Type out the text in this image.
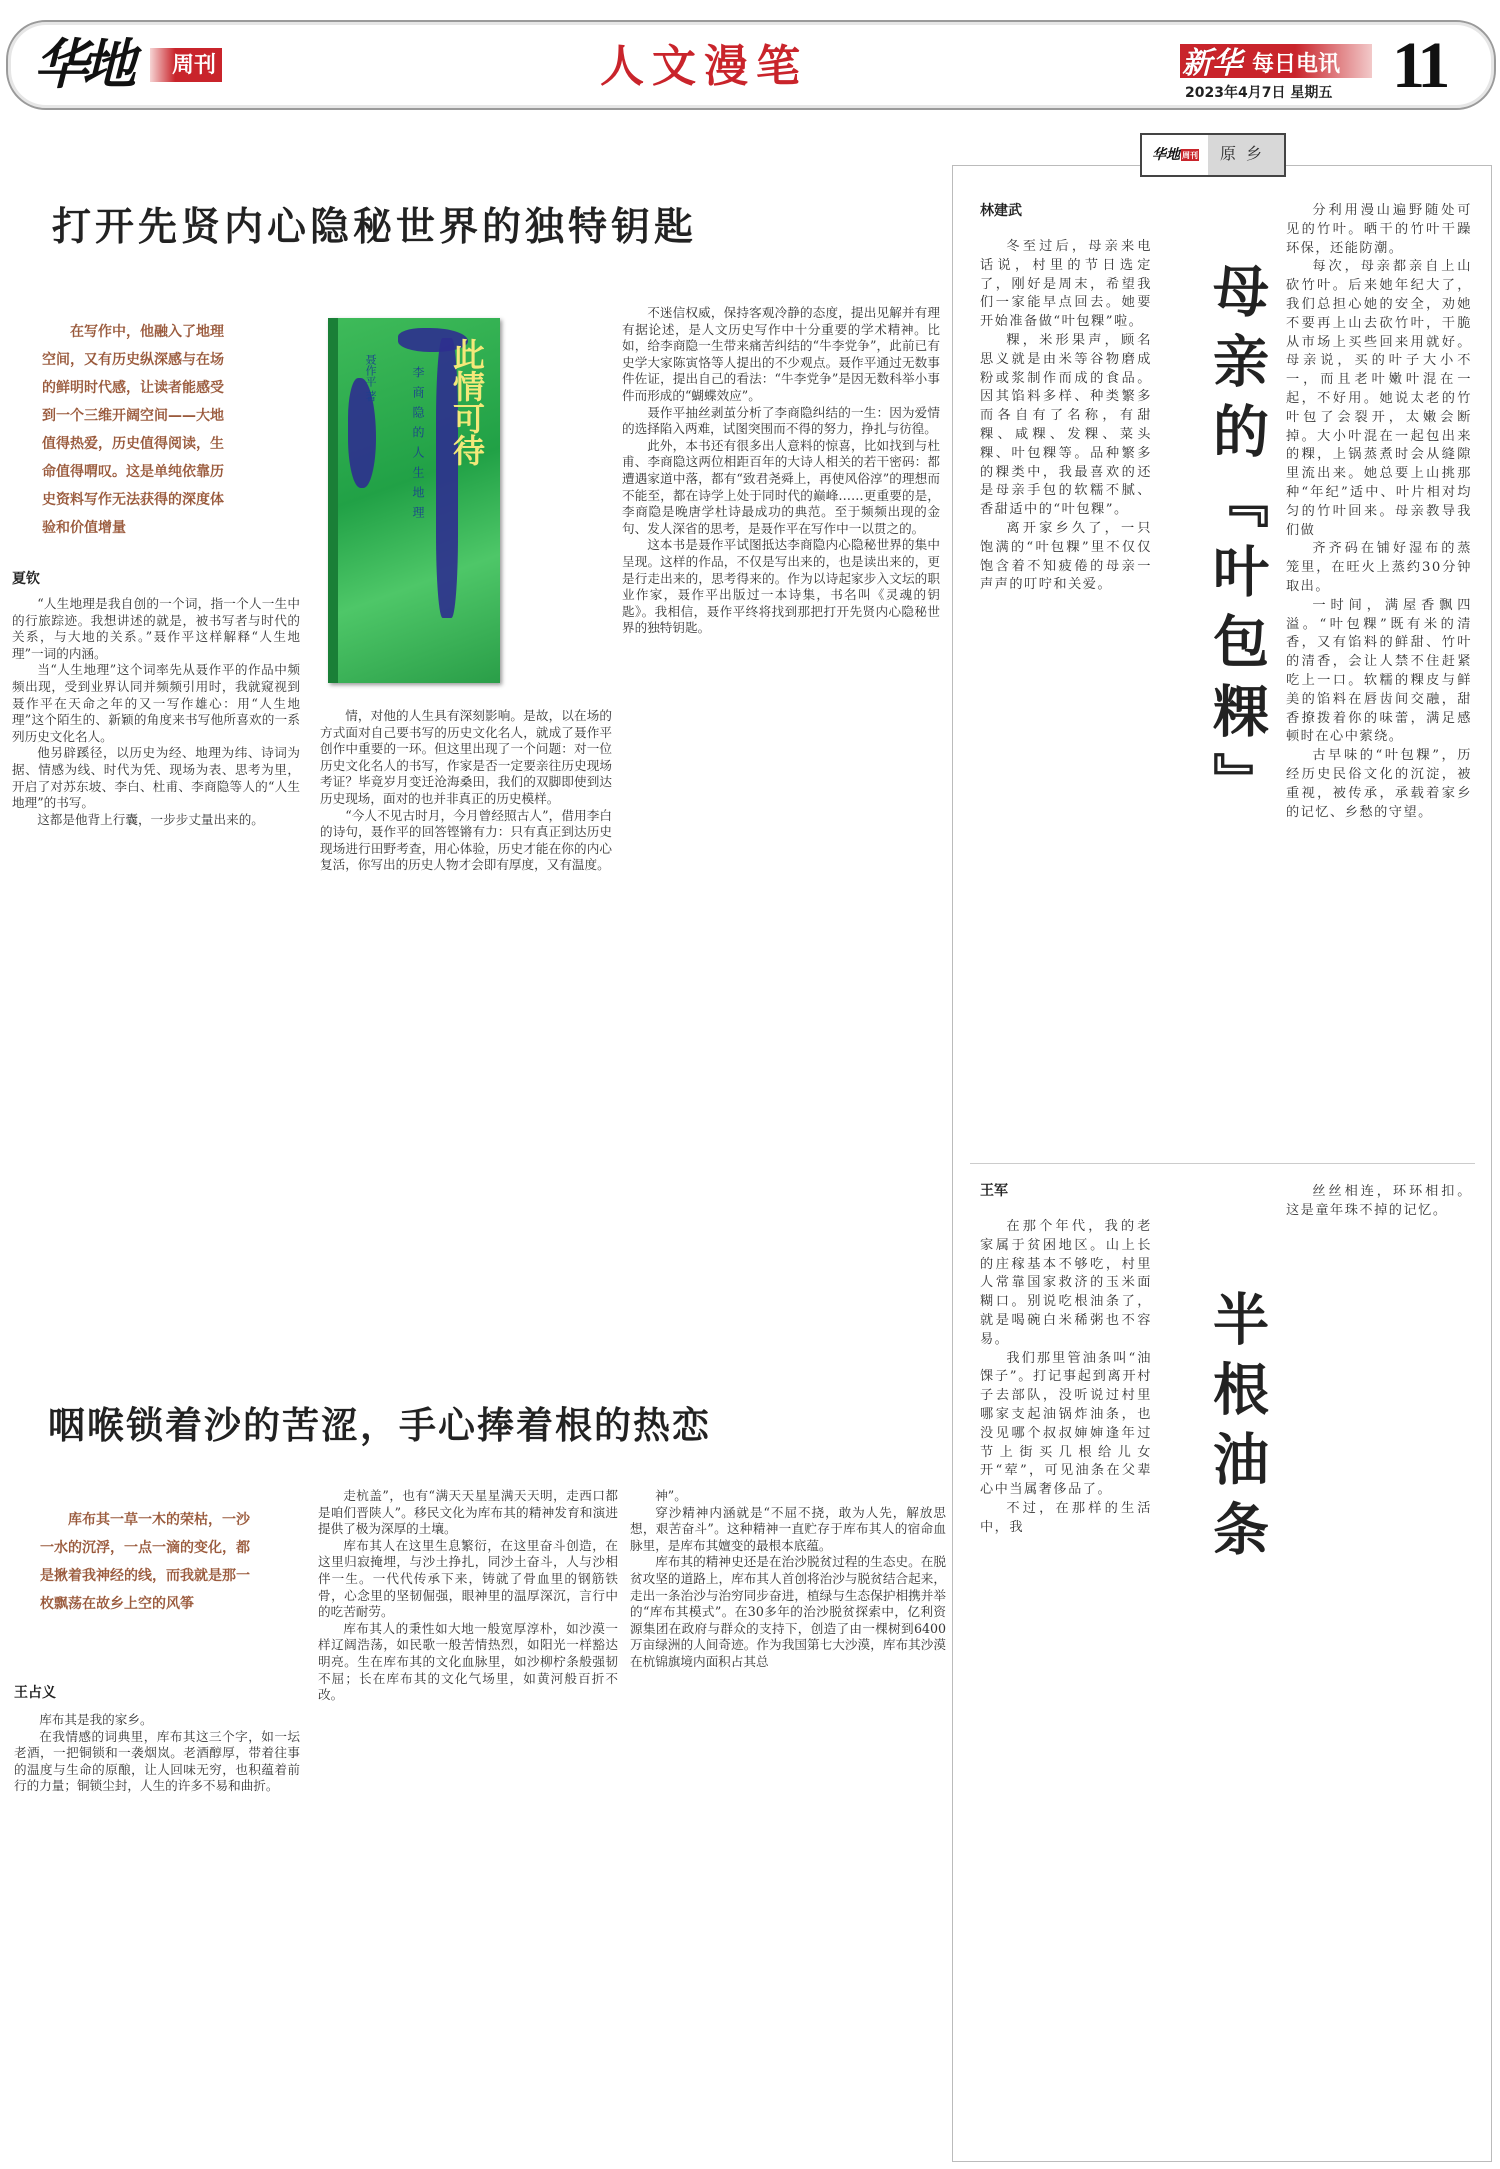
华地	周刊	人文漫笔	新华 每日电讯
2023年4月7日 星期五 11
打开先贤内心隐秘世界的独特钥匙

在写作中，他融入了地理空间，又有历史纵深感与在场的鲜明时代感，让读者能感受到一个三维开阔空间——大地值得热爱，历史值得阅读，生命值得喟叹。这是单纯依靠历史资料写作无法获得的深度体验和价值增量

此情可待
李商隐的人生地理
聂作平 著
夏钦

“人生地理是我自创的一个词，指一个人一生中的行旅踪迹。我想讲述的就是，被书写者与时代的关系，与大地的关系。”聂作平这样解释“人生地理”一词的内涵。

当“人生地理”这个词率先从聂作平的作品中频频出现，受到业界认同并频频引用时，我就窥视到聂作平在天命之年的又一写作雄心：用“人生地理”这个陌生的、新颖的角度来书写他所喜欢的一系列历史文化名人。

他另辟蹊径，以历史为经、地理为纬、诗词为据、情感为线、时代为凭、现场为表、思考为里，开启了对苏东坡、李白、杜甫、李商隐等人的“人生地理”的书写。

这都是他背上行囊，一步步丈量出来的。

情，对他的人生具有深刻影响。是故，以在场的方式面对自己要书写的历史文化名人，就成了聂作平创作中重要的一环。但这里出现了一个问题：对一位历史文化名人的书写，作家是否一定要亲往历史现场考证？毕竟岁月变迁沧海桑田，我们的双脚即使到达历史现场，面对的也并非真正的历史模样。

“今人不见古时月，今月曾经照古人”，借用李白的诗句，聂作平的回答铿锵有力：只有真正到达历史现场进行田野考查，用心体验，历史才能在你的内心复活，你写出的历史人物才会即有厚度，又有温度。

不迷信权威，保持客观冷静的态度，提出见解并有理有据论述，是人文历史写作中十分重要的学术精神。比如，给李商隐一生带来痛苦纠结的“牛李党争”，此前已有史学大家陈寅恪等人提出的不少观点。聂作平通过无数事件佐证，提出自己的看法：“牛李党争”是因无数科举小事件而形成的“蝴蝶效应”。

聂作平抽丝剥茧分析了李商隐纠结的一生：因为爱情的选择陷入两难，试图突围而不得的努力，挣扎与彷徨。

此外，本书还有很多出人意料的惊喜，比如找到与杜甫、李商隐这两位相距百年的大诗人相关的若干密码：都遭遇家道中落，都有“致君尧舜上，再使风俗淳”的理想而不能至，都在诗学上处于同时代的巅峰……更重要的是，李商隐是晚唐学杜诗最成功的典范。至于频频出现的金句、发人深省的思考，是聂作平在写作中一以贯之的。

这本书是聂作平试图抵达李商隐内心隐秘世界的集中呈现。这样的作品，不仅是写出来的，也是读出来的，更是行走出来的，思考得来的。作为以诗起家步入文坛的职业作家，聂作平出版过一本诗集，书名叫《灵魂的钥匙》。我相信，聂作平终将找到那把打开先贤内心隐秘世界的独特钥匙。

咽喉锁着沙的苦涩，手心捧着根的热恋

库布其一草一木的荣枯，一沙一水的沉浮，一点一滴的变化，都是揪着我神经的线，而我就是那一枚飘荡在故乡上空的风筝

王占义

库布其是我的家乡。

在我情感的词典里，库布其这三个字，如一坛老酒，一把铜锁和一袭烟岚。老酒醇厚，带着往事的温度与生命的原酿，让人回味无穷，也积蕴着前行的力量；铜锁尘封，人生的许多不易和曲折。

走杭盖”，也有“满天天星星满天天明，走西口都是咱们晋陕人”。移民文化为库布其的精神发育和演进提供了极为深厚的土壤。

库布其人在这里生息繁衍，在这里奋斗创造，在这里归寂掩埋，与沙土挣扎，同沙土奋斗，人与沙相伴一生。一代代传承下来，铸就了骨血里的钢筋铁骨，心念里的坚韧倔强，眼神里的温厚深沉，言行中的吃苦耐劳。

库布其人的秉性如大地一般宽厚淳朴，如沙漠一样辽阔浩荡，如民歌一般苦情热烈，如阳光一样豁达明亮。生在库布其的文化血脉里，如沙柳柠条般强韧不屈；长在库布其的文化气场里，如黄河般百折不改。

神”。

穿沙精神内涵就是“不屈不挠，敢为人先，解放思想，艰苦奋斗”。这种精神一直贮存于库布其人的宿命血脉里，是库布其嬗变的最根本底蕴。

库布其的精神史还是在治沙脱贫过程的生态史。在脱贫攻坚的道路上，库布其人首创将治沙与脱贫结合起来，走出一条治沙与治穷同步奋进，植绿与生态保护相携并举的“库布其模式”。在30多年的治沙脱贫探索中，亿利资源集团在政府与群众的支持下，创造了由一棵树到6400万亩绿洲的人间奇迹。作为我国第七大沙漠，库布其沙漠在杭锦旗境内面积占其总

华地 周刊	原乡
林建武

冬至过后，母亲来电话说，村里的节日选定了，刚好是周末，希望我们一家能早点回去。她要开始准备做“叶包粿”啦。

粿，米形果声，顾名思义就是由米等谷物磨成粉或浆制作而成的食品。因其馅料多样、种类繁多而各自有了名称，有甜粿、咸粿、发粿、菜头粿、叶包粿等。品种繁多的粿类中，我最喜欢的还是母亲手包的软糯不腻、香甜适中的“叶包粿”。

离开家乡久了，一只饱满的“叶包粿”里不仅仅饱含着不知疲倦的母亲一声声的叮咛和关爱。	母亲的『叶包粿』

分利用漫山遍野随处可见的竹叶。晒干的竹叶干躁环保，还能防潮。

每次，母亲都亲自上山砍竹叶。后来她年纪大了，我们总担心她的安全，劝她不要再上山去砍竹叶，干脆从市场上买些回来用就好。母亲说，买的叶子大小不一，而且老叶嫩叶混在一起，不好用。她说太老的竹叶包了会裂开，太嫩会断掉。大小叶混在一起包出来的粿，上锅蒸煮时会从缝隙里流出来。她总要上山挑那种“年纪”适中、叶片相对均匀的竹叶回来。母亲教导我们做

齐齐码在铺好湿布的蒸笼里，在旺火上蒸约30分钟取出。

一时间，满屋香飘四溢。“叶包粿”既有米的清香，又有馅料的鲜甜、竹叶的清香，会让人禁不住赶紧吃上一口。软糯的粿皮与鲜美的馅料在唇齿间交融，甜香撩拨着你的味蕾，满足感顿时在心中萦绕。

古早味的“叶包粿”，历经历史民俗文化的沉淀，被重视，被传承，承载着家乡的记忆、乡愁的守望。

王军

在那个年代，我的老家属于贫困地区。山上长的庄稼基本不够吃，村里人常靠国家救济的玉米面糊口。别说吃根油条了，就是喝碗白米稀粥也不容易。

我们那里管油条叫“油馃子”。打记事起到离开村子去部队，没听说过村里哪家支起油锅炸油条，也没见哪个叔叔婶婶逢年过节上街买几根给儿女开“荤”，可见油条在父辈心中当属奢侈品了。

不过，在那样的生活中，我	半根油条

丝丝相连，环环相扣。这是童年珠不掉的记忆。
